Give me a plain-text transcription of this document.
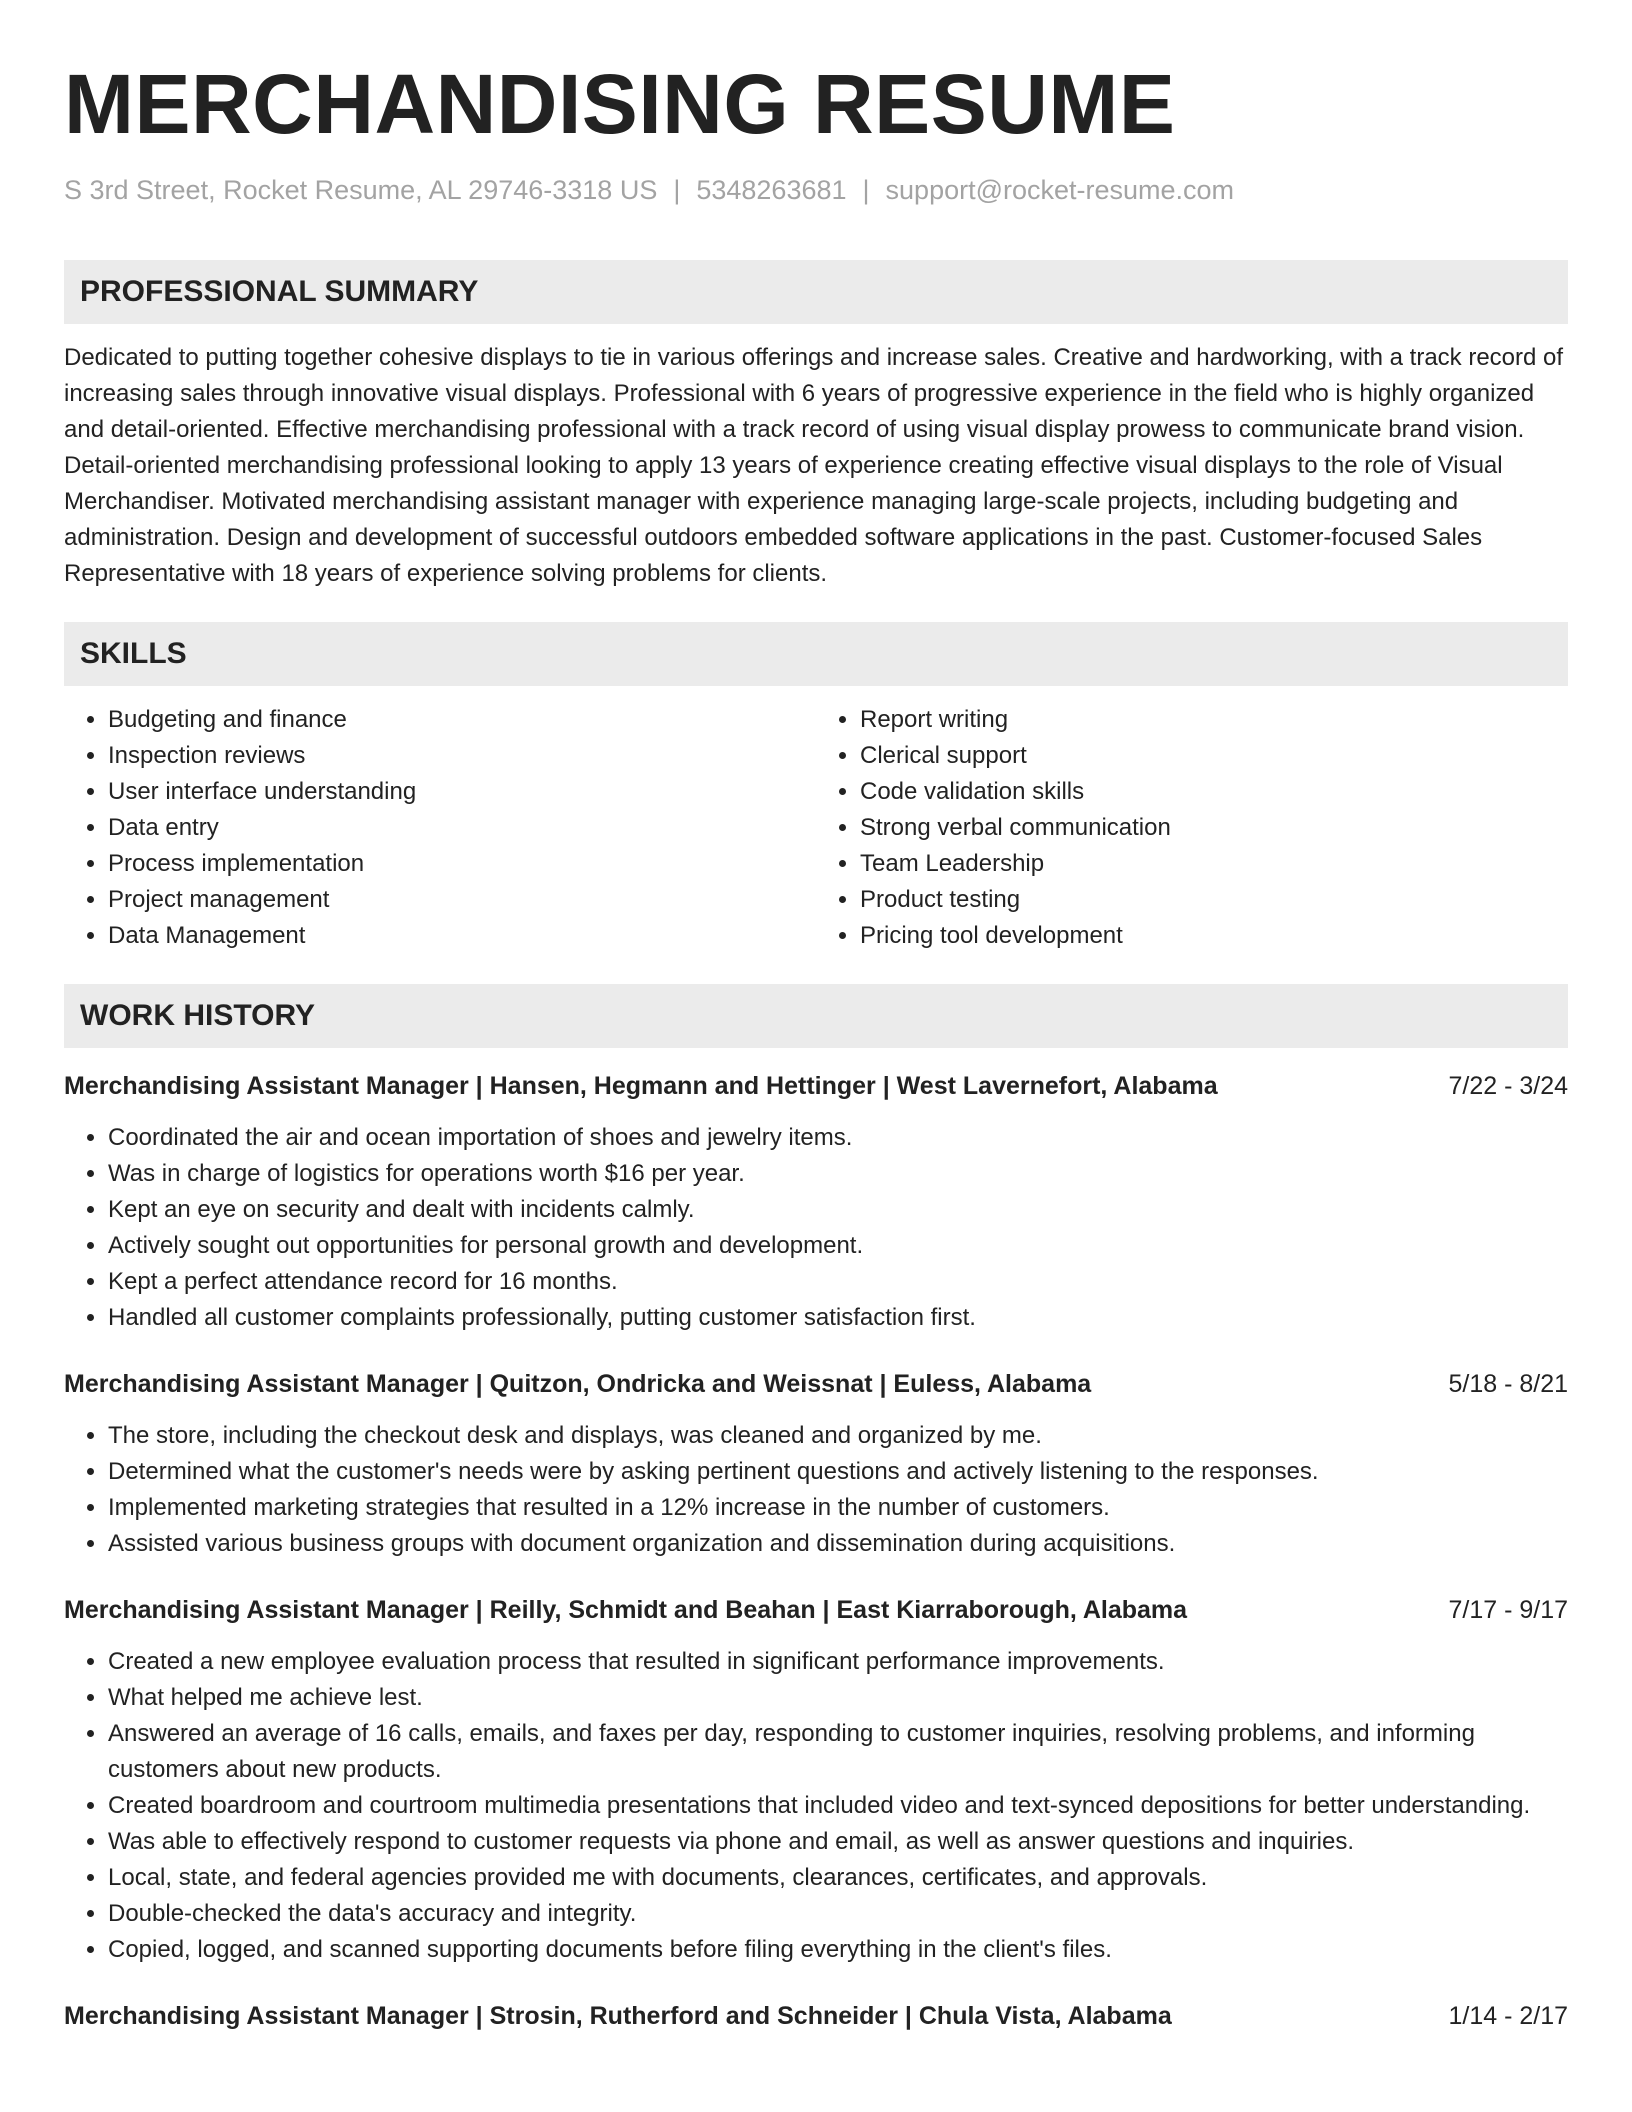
MERCHANDISING RESUME
S 3rd Street, Rocket Resume, AL 29746-3318 US | 5348263681 | support@rocket-resume.com
PROFESSIONAL SUMMARY
Dedicated to putting together cohesive displays to tie in various offerings and increase sales. Creative and hardworking, with a track record of increasing sales through innovative visual displays. Professional with 6 years of progressive experience in the field who is highly organized and detail-oriented. Effective merchandising professional with a track record of using visual display prowess to communicate brand vision. Detail-oriented merchandising professional looking to apply 13 years of experience creating effective visual displays to the role of Visual Merchandiser. Motivated merchandising assistant manager with experience managing large-scale projects, including budgeting and administration. Design and development of successful outdoors embedded software applications in the past. Customer-focused Sales Representative with 18 years of experience solving problems for clients.
SKILLS
• Budgeting and finance
• Inspection reviews
• User interface understanding
• Data entry
• Process implementation
• Project management
• Data Management
• Report writing
• Clerical support
• Code validation skills
• Strong verbal communication
• Team Leadership
• Product testing
• Pricing tool development
WORK HISTORY
Merchandising Assistant Manager | Hansen, Hegmann and Hettinger | West Lavernefort, Alabama	7/22 - 3/24
• Coordinated the air and ocean importation of shoes and jewelry items.
• Was in charge of logistics for operations worth $16 per year.
• Kept an eye on security and dealt with incidents calmly.
• Actively sought out opportunities for personal growth and development.
• Kept a perfect attendance record for 16 months.
• Handled all customer complaints professionally, putting customer satisfaction first.
Merchandising Assistant Manager | Quitzon, Ondricka and Weissnat | Euless, Alabama	5/18 - 8/21
• The store, including the checkout desk and displays, was cleaned and organized by me.
• Determined what the customer's needs were by asking pertinent questions and actively listening to the responses.
• Implemented marketing strategies that resulted in a 12% increase in the number of customers.
• Assisted various business groups with document organization and dissemination during acquisitions.
Merchandising Assistant Manager | Reilly, Schmidt and Beahan | East Kiarraborough, Alabama	7/17 - 9/17
• Created a new employee evaluation process that resulted in significant performance improvements.
• What helped me achieve lest.
• Answered an average of 16 calls, emails, and faxes per day, responding to customer inquiries, resolving problems, and informing customers about new products.
• Created boardroom and courtroom multimedia presentations that included video and text-synced depositions for better understanding.
• Was able to effectively respond to customer requests via phone and email, as well as answer questions and inquiries.
• Local, state, and federal agencies provided me with documents, clearances, certificates, and approvals.
• Double-checked the data's accuracy and integrity.
• Copied, logged, and scanned supporting documents before filing everything in the client's files.
Merchandising Assistant Manager | Strosin, Rutherford and Schneider | Chula Vista, Alabama	1/14 - 2/17
